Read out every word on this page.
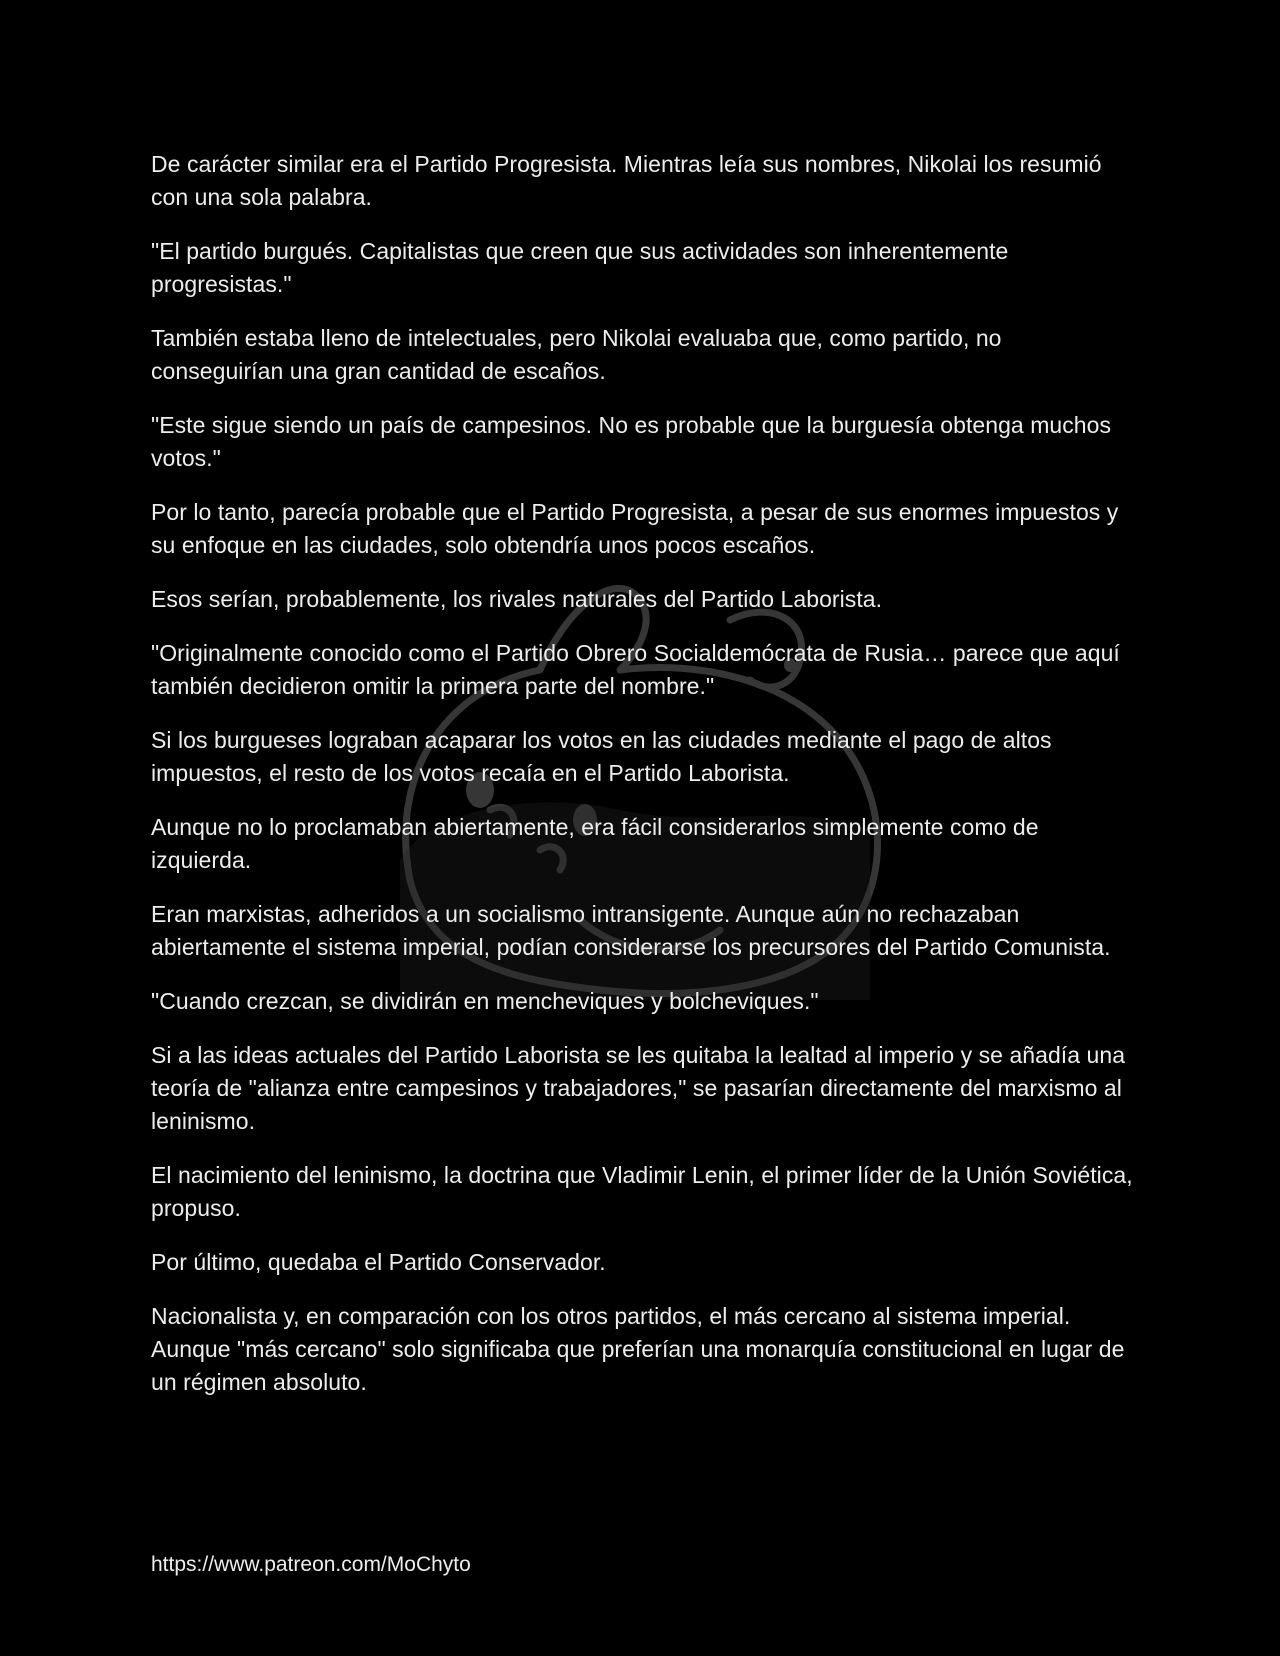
De carácter similar era el Partido Progresista. Mientras leía sus nombres, Nikolai los resumió con una sola palabra.

"El partido burgués. Capitalistas que creen que sus actividades son inherentemente progresistas."

También estaba lleno de intelectuales, pero Nikolai evaluaba que, como partido, no conseguirían una gran cantidad de escaños.

"Este sigue siendo un país de campesinos. No es probable que la burguesía obtenga muchos votos."

Por lo tanto, parecía probable que el Partido Progresista, a pesar de sus enormes impuestos y su enfoque en las ciudades, solo obtendría unos pocos escaños.

Esos serían, probablemente, los rivales naturales del Partido Laborista.

"Originalmente conocido como el Partido Obrero Socialdemócrata de Rusia… parece que aquí también decidieron omitir la primera parte del nombre."

Si los burgueses lograban acaparar los votos en las ciudades mediante el pago de altos impuestos, el resto de los votos recaía en el Partido Laborista.

Aunque no lo proclamaban abiertamente, era fácil considerarlos simplemente como de izquierda.

Eran marxistas, adheridos a un socialismo intransigente. Aunque aún no rechazaban abiertamente el sistema imperial, podían considerarse los precursores del Partido Comunista.

"Cuando crezcan, se dividirán en mencheviques y bolcheviques."

Si a las ideas actuales del Partido Laborista se les quitaba la lealtad al imperio y se añadía una teoría de "alianza entre campesinos y trabajadores," se pasarían directamente del marxismo al leninismo.

El nacimiento del leninismo, la doctrina que Vladimir Lenin, el primer líder de la Unión Soviética, propuso.

Por último, quedaba el Partido Conservador.

Nacionalista y, en comparación con los otros partidos, el más cercano al sistema imperial. Aunque "más cercano" solo significaba que preferían una monarquía constitucional en lugar de un régimen absoluto.

https://www.patreon.com/MoChyto
